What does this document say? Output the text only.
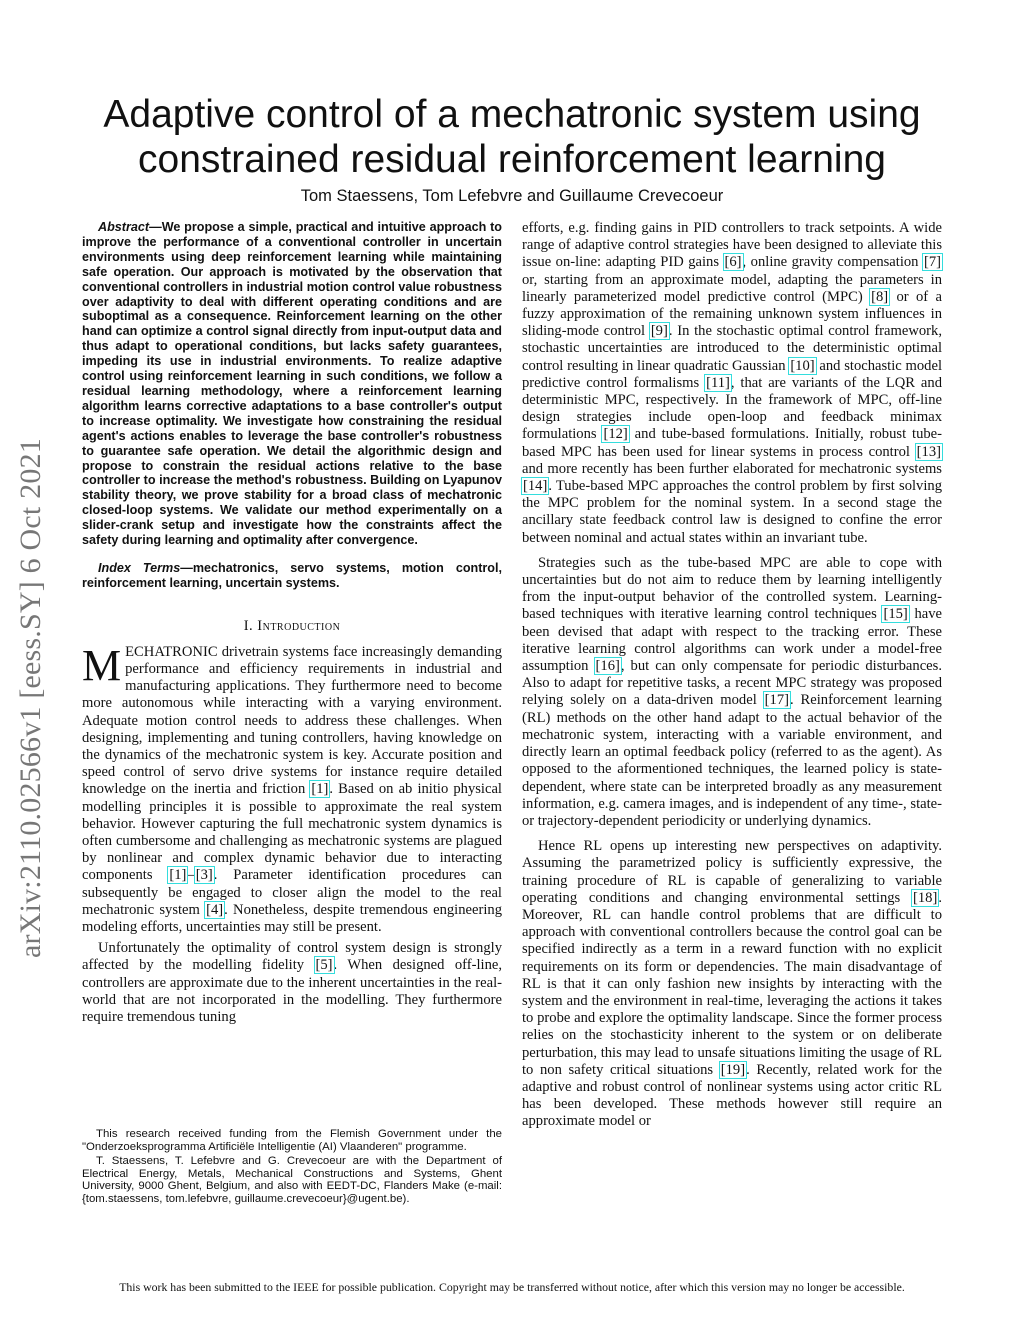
arXiv:2110.02566v1 [eess.SY] 6 Oct 2021
Adaptive control of a mechatronic system using constrained residual reinforcement learning
Tom Staessens, Tom Lefebvre and Guillaume Crevecoeur

Abstract—We propose a simple, practical and intuitive approach to improve the performance of a conventional controller in uncertain environments using deep reinforcement learning while maintaining safe operation. Our approach is motivated by the observation that conventional controllers in industrial motion control value robustness over adaptivity to deal with different operating conditions and are suboptimal as a consequence. Reinforcement learning on the other hand can optimize a control signal directly from input-output data and thus adapt to operational conditions, but lacks safety guarantees, impeding its use in industrial environments. To realize adaptive control using reinforcement learning in such conditions, we follow a residual learning methodology, where a reinforcement learning algorithm learns corrective adaptations to a base controller's output to increase optimality. We investigate how constraining the residual agent's actions enables to leverage the base controller's robustness to guarantee safe operation. We detail the algorithmic design and propose to constrain the residual actions relative to the base controller to increase the method's robustness. Building on Lyapunov stability theory, we prove stability for a broad class of mechatronic closed-loop systems. We validate our method experimentally on a slider-crank setup and investigate how the constraints affect the safety during learning and optimality after convergence.

Index Terms—mechatronics, servo systems, motion control, reinforcement learning, uncertain systems.

I. Introduction

MECHATRONIC drivetrain systems face increasingly demanding performance and efficiency requirements in industrial and manufacturing applications. They furthermore need to become more autonomous while interacting with a varying environment. Adequate motion control needs to address these challenges. When designing, implementing and tuning controllers, having knowledge on the dynamics of the mechatronic system is key. Accurate position and speed control of servo drive systems for instance require detailed knowledge on the inertia and friction [1]. Based on ab initio physical modelling principles it is possible to approximate the real system behavior. However capturing the full mechatronic system dynamics is often cumbersome and challenging as mechatronic systems are plagued by nonlinear and complex dynamic behavior due to interacting components [1]–[3]. Parameter identification procedures can subsequently be engaged to closer align the model to the real mechatronic system [4]. Nonetheless, despite tremendous engineering modeling efforts, uncertainties may still be present.

Unfortunately the optimality of control system design is strongly affected by the modelling fidelity [5]. When designed off-line, controllers are approximate due to the inherent uncertainties in the real-world that are not incorporated in the modelling. They furthermore require tremendous tuning

This research received funding from the Flemish Government under the "Onderzoeksprogramma Artificiële Intelligentie (AI) Vlaanderen" programme.

T. Staessens, T. Lefebvre and G. Crevecoeur are with the Department of Electrical Energy, Metals, Mechanical Constructions and Systems, Ghent University, 9000 Ghent, Belgium, and also with EEDT-DC, Flanders Make (e-mail: {tom.staessens, tom.lefebvre, guillaume.crevecoeur}@ugent.be).

efforts, e.g. finding gains in PID controllers to track setpoints. A wide range of adaptive control strategies have been designed to alleviate this issue on-line: adapting PID gains [6], online gravity compensation [7] or, starting from an approximate model, adapting the parameters in linearly parameterized model predictive control (MPC) [8] or of a fuzzy approximation of the remaining unknown system influences in sliding-mode control [9]. In the stochastic optimal control framework, stochastic uncertainties are introduced to the deterministic optimal control resulting in linear quadratic Gaussian [10] and stochastic model predictive control formalisms [11], that are variants of the LQR and deterministic MPC, respectively. In the framework of MPC, off-line design strategies include open-loop and feedback minimax formulations [12] and tube-based formulations. Initially, robust tube-based MPC has been used for linear systems in process control [13] and more recently has been further elaborated for mechatronic systems [14]. Tube-based MPC approaches the control problem by first solving the MPC problem for the nominal system. In a second stage the ancillary state feedback control law is designed to confine the error between nominal and actual states within an invariant tube.

Strategies such as the tube-based MPC are able to cope with uncertainties but do not aim to reduce them by learning intelligently from the input-output behavior of the controlled system. Learning-based techniques with iterative learning control techniques [15] have been devised that adapt with respect to the tracking error. These iterative learning control algorithms can work under a model-free assumption [16], but can only compensate for periodic disturbances. Also to adapt for repetitive tasks, a recent MPC strategy was proposed relying solely on a data-driven model [17]. Reinforcement learning (RL) methods on the other hand adapt to the actual behavior of the mechatronic system, interacting with a variable environment, and directly learn an optimal feedback policy (referred to as the agent). As opposed to the aformentioned techniques, the learned policy is state-dependent, where state can be interpreted broadly as any measurement information, e.g. camera images, and is independent of any time-, state- or trajectory-dependent periodicity or underlying dynamics.

Hence RL opens up interesting new perspectives on adaptivity. Assuming the parametrized policy is sufficiently expressive, the training procedure of RL is capable of generalizing to variable operating conditions and changing environmental settings [18]. Moreover, RL can handle control problems that are difficult to approach with conventional controllers because the control goal can be specified indirectly as a term in a reward function with no explicit requirements on its form or dependencies. The main disadvantage of RL is that it can only fashion new insights by interacting with the system and the environment in real-time, leveraging the actions it takes to probe and explore the optimality landscape. Since the former process relies on the stochasticity inherent to the system or on deliberate perturbation, this may lead to unsafe situations limiting the usage of RL to non safety critical situations [19]. Recently, related work for the adaptive and robust control of nonlinear systems using actor critic RL has been developed. These methods however still require an approximate model or

This work has been submitted to the IEEE for possible publication. Copyright may be transferred without notice, after which this version may no longer be accessible.
